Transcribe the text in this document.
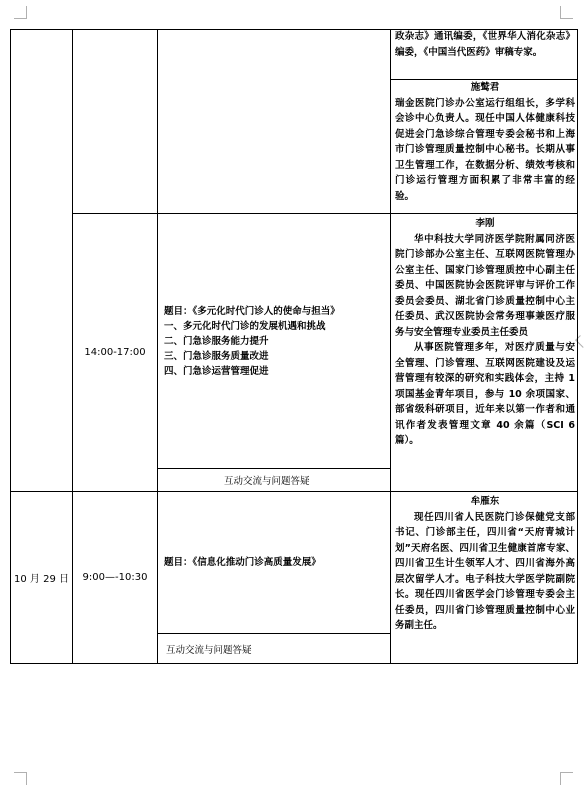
政杂志》通讯编委，《世界华人消化杂志》编委，《中国当代医药》审稿专家。
施鹫君
瑞金医院门诊办公室运行组组长，多学科会诊中心负责人。现任中国人体健康科技促进会门急诊综合管理专委会秘书和上海市门诊管理质量控制中心秘书。长期从事卫生管理工作，在数据分析、绩效考核和门诊运行管理方面积累了非常丰富的经验。
14:00-17:00
题目：《多元化时代门诊人的使命与担当》
一、多元化时代门诊的发展机遇和挑战
二、门急诊服务能力提升
三、门急诊服务质量改进
四、门急诊运营管理促进
互动交流与问题答疑
李刚
华中科技大学同济医学院附属同济医院门诊部办公室主任、互联网医院管理办公室主任、国家门诊管理质控中心副主任委员、中国医院协会医院评审与评价工作委员会委员、湖北省门诊质量控制中心主任委员、武汉医院协会常务理事兼医疗服务与安全管理专业委员主任委员
从事医院管理多年，对医疗质量与安全管理、门诊管理、互联网医院建设及运营管理有较深的研究和实践体会，主持 1 项国基金青年项目，参与 10 余项国家、部省级科研项目，近年来以第一作者和通讯作者发表管理文章 40 余篇（SCI 6 篇）。
10 月 29 日 9:00—-10:30
题目：《信息化推动门诊高质量发展》
互动交流与问题答疑
牟雁东
现任四川省人民医院门诊保健党支部书记、门诊部主任，四川省“天府青城计划”天府名医、四川省卫生健康首席专家、四川省卫生计生领军人才、四川省海外高层次留学人才。电子科技大学医学院副院长。现任四川省医学会门诊管理专委会主任委员，四川省门诊管理质量控制中心业务副主任。
